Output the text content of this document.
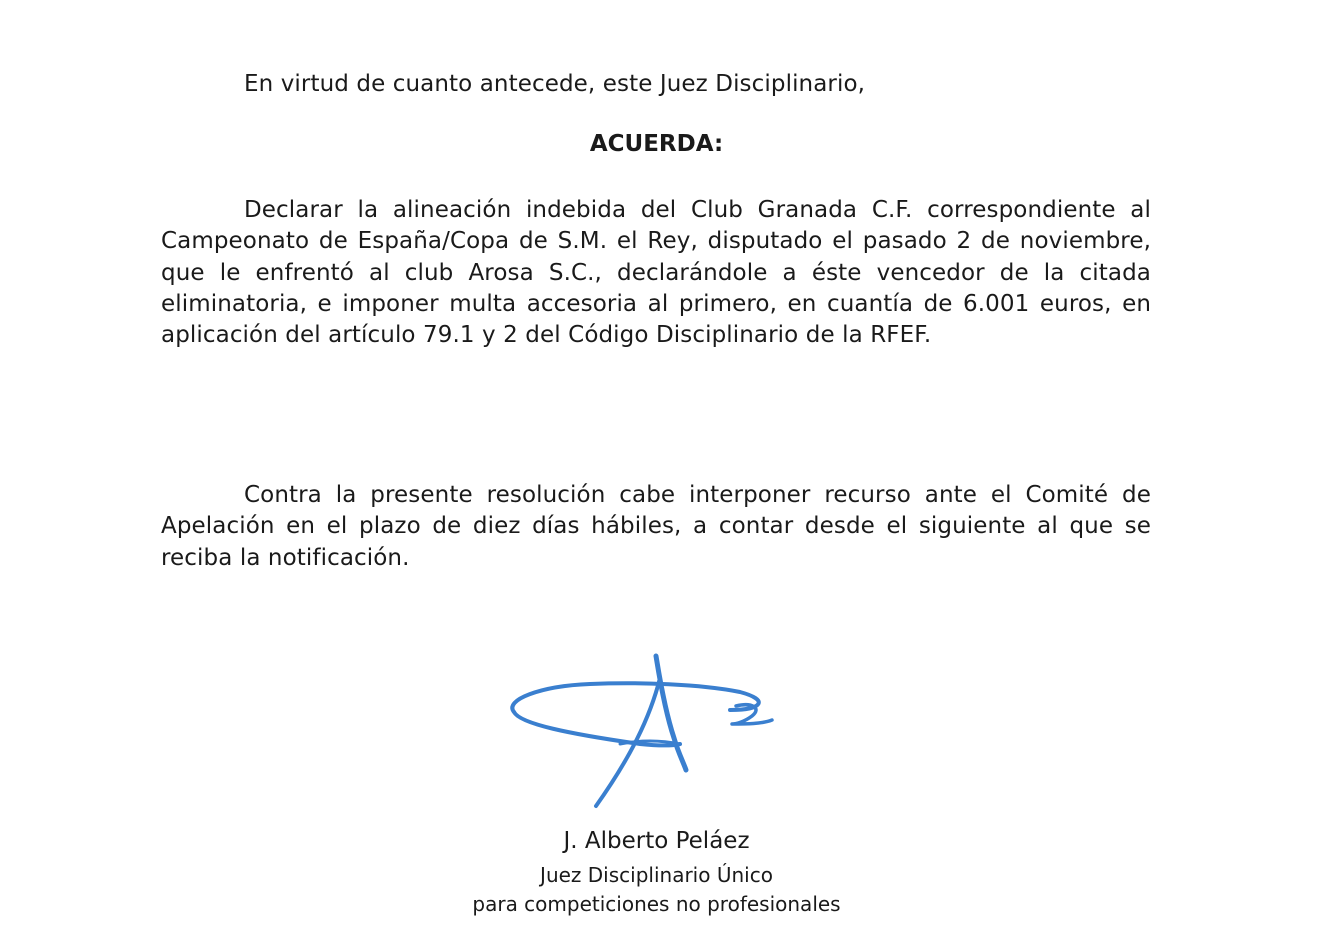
En virtud de cuanto antecede, este Juez Disciplinario,

ACUERDA:

Declarar la alineación indebida del Club Granada C.F. correspondiente al Campeonato de España/Copa de S.M. el Rey, disputado el pasado 2 de noviembre, que le enfrentó al club Arosa S.C., declarándole a éste vencedor de la citada eliminatoria, e imponer multa accesoria al primero, en cuantía de 6.001 euros, en aplicación del artículo 79.1 y 2 del Código Disciplinario de la RFEF.

Contra la presente resolución cabe interponer recurso ante el Comité de Apelación en el plazo de diez días hábiles, a contar desde el siguiente al que se reciba la notificación.

J. Alberto Peláez
Juez Disciplinario Único
para competiciones no profesionales
